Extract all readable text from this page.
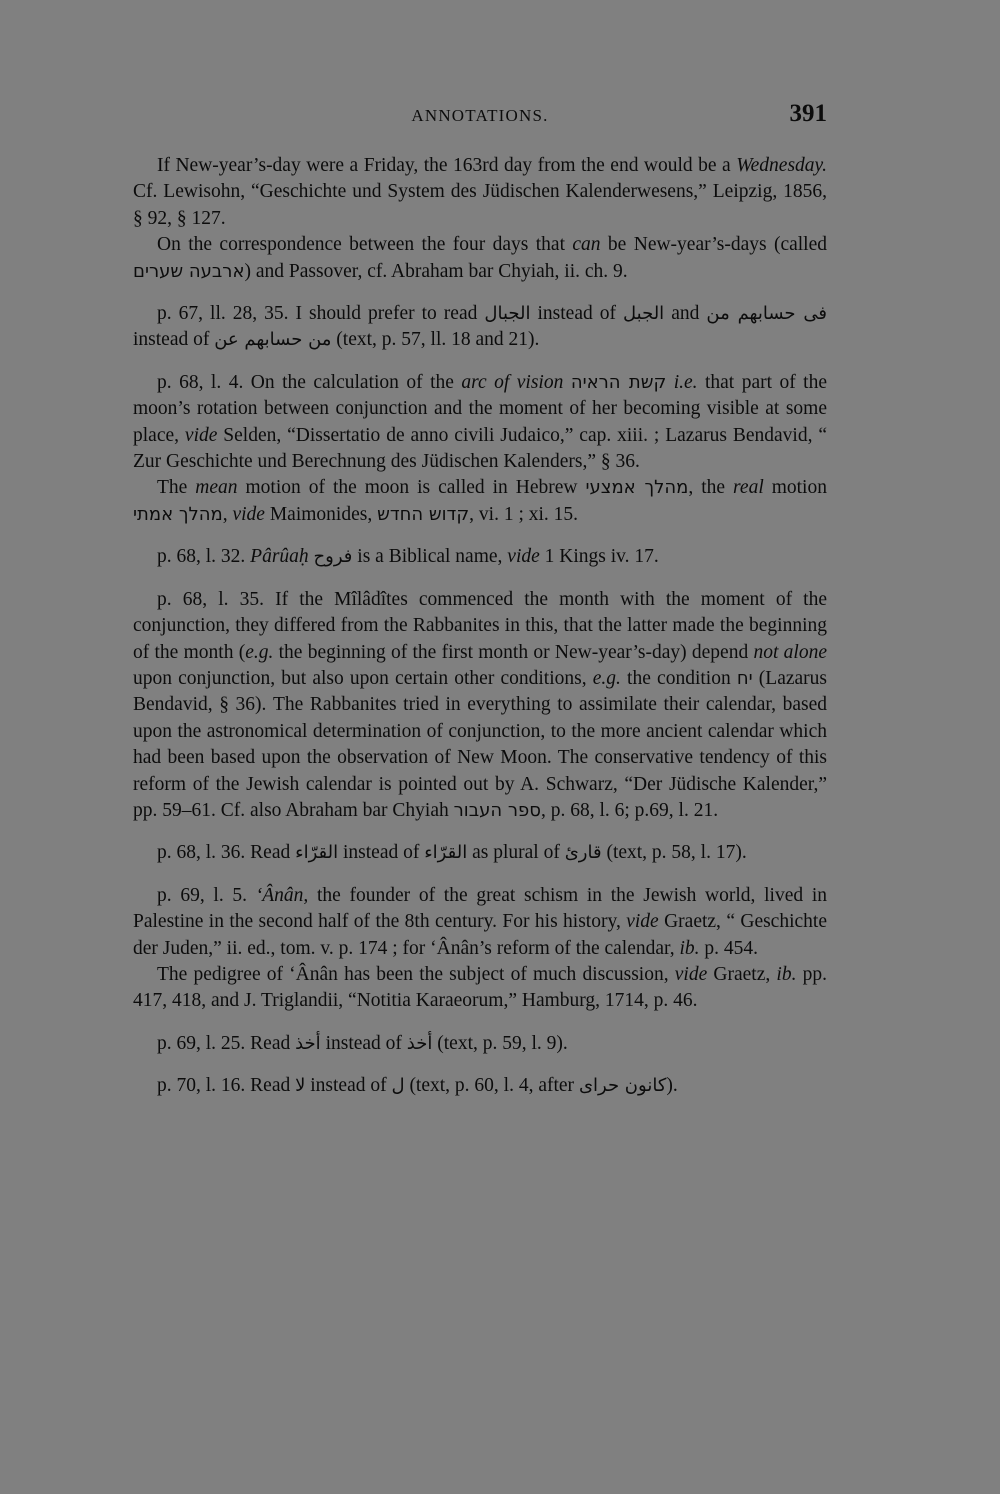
ANNOTATIONS.	391

If New-year’s-day were a Friday, the 163rd day from the end would be a Wednesday. Cf. Lewisohn, “Geschichte und System des Jüdischen Kalenderwesens,” Leipzig, 1856, § 92, § 127.

On the correspondence between the four days that can be New-year’s-days (called ארבעה שערים) and Passover, cf. Abraham bar Chyiah, ii. ch. 9.

p. 67, ll. 28, 35. I should prefer to read الجبال instead of الجبل and فى حسابهم من instead of من حسابهم عن (text, p. 57, ll. 18 and 21).

p. 68, l. 4. On the calculation of the arc of vision קשת הראיה i.e. that part of the moon’s rotation between conjunction and the moment of her becoming visible at some place, vide Selden, “Dissertatio de anno civili Judaico,” cap. xiii. ; Lazarus Bendavid, “ Zur Geschichte und Berechnung des Jüdischen Kalenders,” § 36.

The mean motion of the moon is called in Hebrew מהלך אמצעי, the real motion מהלך אמתי, vide Maimonides, קדוש החדש, vi. 1 ; xi. 15.

p. 68, l. 32. Pârûaḥ فروح is a Biblical name, vide 1 Kings iv. 17.

p. 68, l. 35. If the Mîlâdîtes commenced the month with the moment of the conjunction, they differed from the Rabbanites in this, that the latter made the beginning of the month (e.g. the beginning of the first month or New-year’s-day) depend not alone upon conjunction, but also upon certain other conditions, e.g. the condition יח (Lazarus Bendavid, § 36). The Rabbanites tried in everything to assimilate their calendar, based upon the astronomical determination of conjunction, to the more ancient calendar which had been based upon the observation of New Moon. The conservative tendency of this reform of the Jewish calendar is pointed out by A. Schwarz, “Der Jüdische Kalender,” pp. 59–61. Cf. also Abraham bar Chyiah ספר העבור, p. 68, l. 6; p.69, l. 21.

p. 68, l. 36. Read القرّاء instead of القرّاء as plural of قارئ (text, p. 58, l. 17).

p. 69, l. 5. ‘Ânân, the founder of the great schism in the Jewish world, lived in Palestine in the second half of the 8th century. For his history, vide Graetz, “ Geschichte der Juden,” ii. ed., tom. v. p. 174 ; for ‘Ânân’s reform of the calendar, ib. p. 454.

The pedigree of ‘Ânân has been the subject of much discussion, vide Graetz, ib. pp. 417, 418, and J. Triglandii, “Notitia Karaeorum,” Hamburg, 1714, p. 46.

p. 69, l. 25. Read أخذ instead of أخذ (text, p. 59, l. 9).

p. 70, l. 16. Read لا instead of ل (text, p. 60, l. 4, after كانون حراى).
